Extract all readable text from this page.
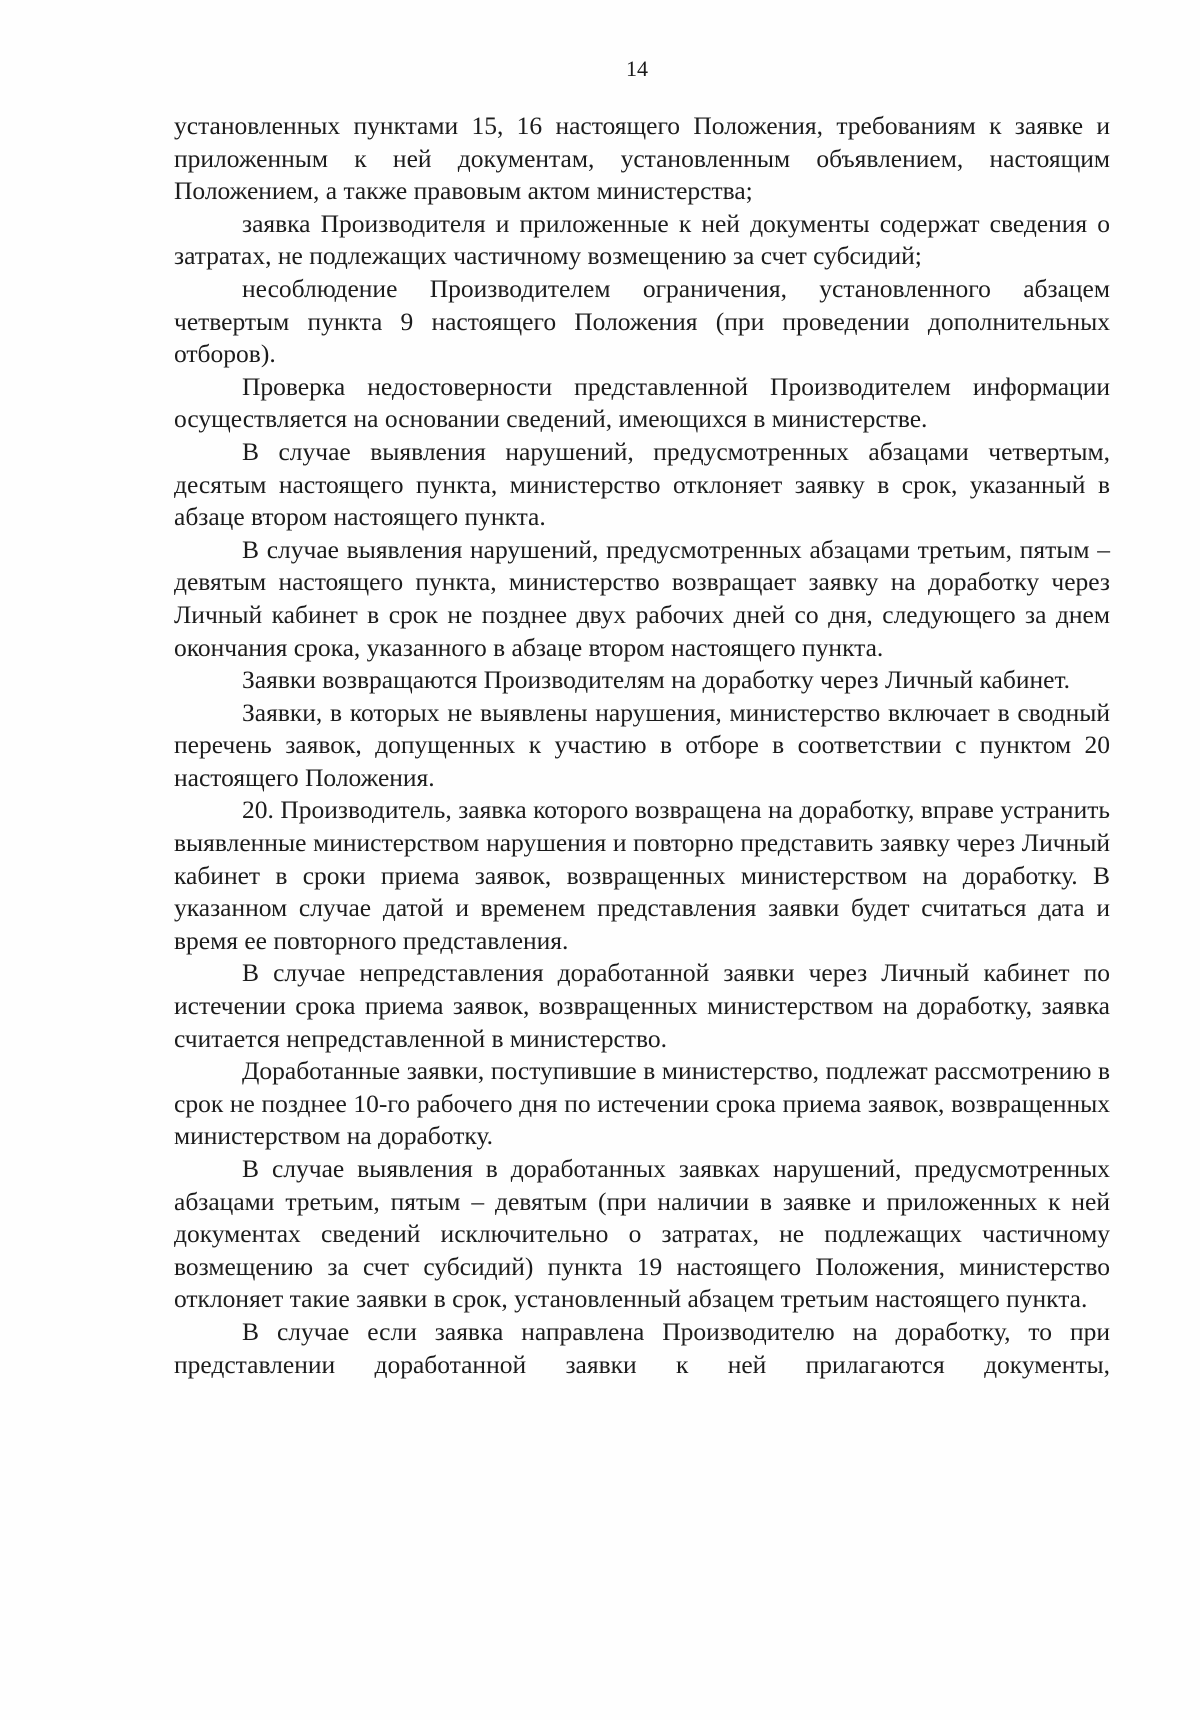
14

установленных пунктами 15, 16 настоящего Положения, требованиям к заявке и приложенным к ней документам, установленным объявлением, настоящим Положением, а также правовым актом министерства;

заявка Производителя и приложенные к ней документы содержат сведения о затратах, не подлежащих частичному возмещению за счет субсидий;

несоблюдение Производителем ограничения, установленного абзацем четвертым пункта 9 настоящего Положения (при проведении дополнительных отборов).

Проверка недостоверности представленной Производителем информации осуществляется на основании сведений, имеющихся в министерстве.

В случае выявления нарушений, предусмотренных абзацами четвертым, десятым настоящего пункта, министерство отклоняет заявку в срок, указанный в абзаце втором настоящего пункта.

В случае выявления нарушений, предусмотренных абзацами третьим, пятым – девятым настоящего пункта, министерство возвращает заявку на доработку через Личный кабинет в срок не позднее двух рабочих дней со дня, следующего за днем окончания срока, указанного в абзаце втором настоящего пункта.

Заявки возвращаются Производителям на доработку через Личный кабинет.

Заявки, в которых не выявлены нарушения, министерство включает в сводный перечень заявок, допущенных к участию в отборе в соответствии с пунктом 20 настоящего Положения.

20. Производитель, заявка которого возвращена на доработку, вправе устранить выявленные министерством нарушения и повторно представить заявку через Личный кабинет в сроки приема заявок, возвращенных министерством на доработку. В указанном случае датой и временем представления заявки будет считаться дата и время ее повторного представления.

В случае непредставления доработанной заявки через Личный кабинет по истечении срока приема заявок, возвращенных министерством на доработку, заявка считается непредставленной в министерство.

Доработанные заявки, поступившие в министерство, подлежат рассмотрению в срок не позднее 10-го рабочего дня по истечении срока приема заявок, возвращенных министерством на доработку.

В случае выявления в доработанных заявках нарушений, предусмотренных абзацами третьим, пятым – девятым (при наличии в заявке и приложенных к ней документах сведений исключительно о затратах, не подлежащих частичному возмещению за счет субсидий) пункта 19 настоящего Положения, министерство отклоняет такие заявки в срок, установленный абзацем третьим настоящего пункта.

В случае если заявка направлена Производителю на доработку, то при представлении доработанной заявки к ней прилагаются документы,
